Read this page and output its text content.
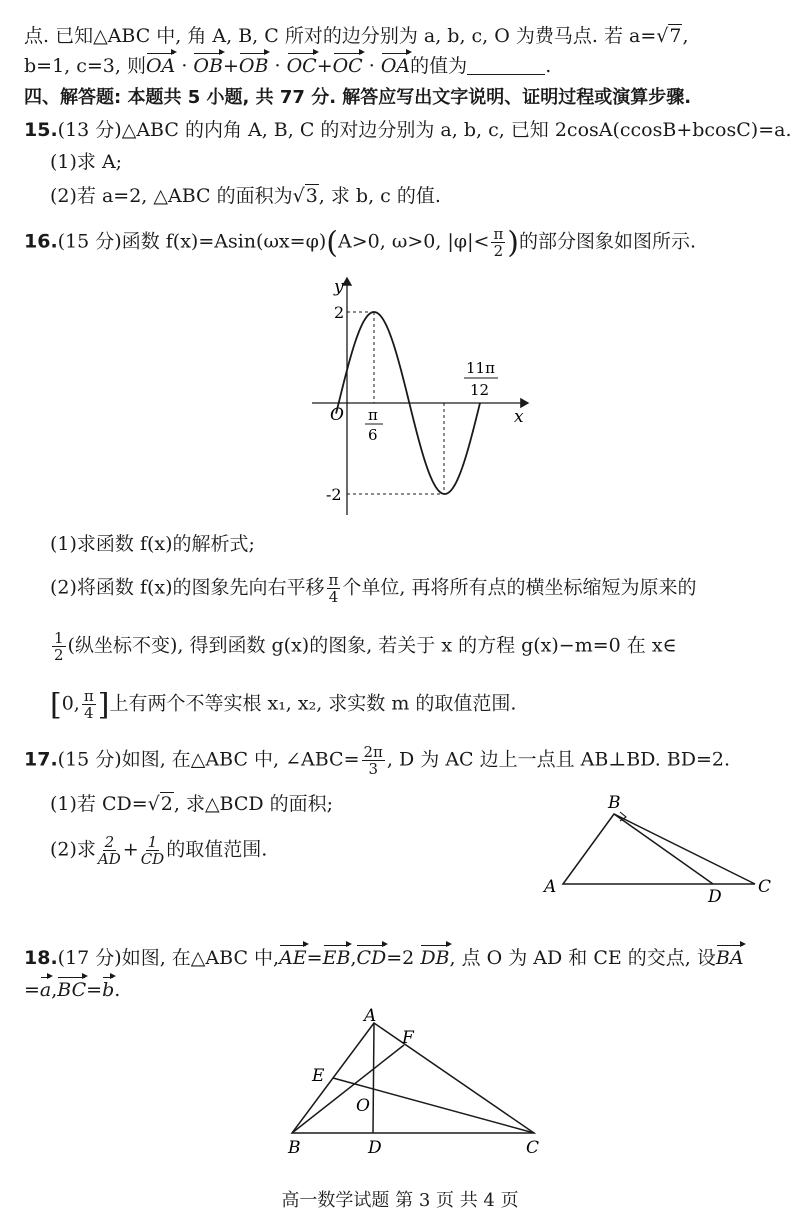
点. 已知△ABC 中, 角 A, B, C 所对的边分别为 a, b, c, O 为费马点. 若 a=√7,
b=1, c=3, 则OA · OB+OB · OC+OC · OA的值为	.
四、解答题: 本题共 5 小题, 共 77 分. 解答应写出文字说明、证明过程或演算步骤.
15.(13 分)△ABC 的内角 A, B, C 的对边分别为 a, b, c, 已知 2cosA(ccosB+bcosC)=a.
(1)求 A;
(2)若 a=2, △ABC 的面积为√3, 求 b, c 的值.
16.(15 分)函数 f(x)=Asin(ωx=φ)(A>0, ω>0, $|\varphi|< \frac{\pi}{2}$ )的部分图象如图所示.
y
x
O
2
-2
π
6
11π
12
(1)求函数 f(x)的解析式;
(2)将函数 f(x)的图象先向右平移 $\frac{\pi}{4}$ 个单位, 再将所有点的横坐标缩短为原来的
$\frac{1}{2}$ (纵坐标不变), 得到函数 g(x)的图象, 若关于 x 的方程 g(x)−m=0 在 x∈
[0, $\frac{\pi}{4}$ ]上有两个不等实根 x₁, x₂, 求实数 m 的取值范围.
17.(15 分)如图, 在△ABC 中, ∠ABC= $\frac{2\pi}{3}$ , D 为 AC 边上一点且 AB⊥BD. BD=2.
(1)若 CD=√2, 求△BCD 的面积;
(2)求 $\frac{2}{AD} + \frac{1}{CD}$ 的取值范围.
B
A	D C
18.(17 分)如图, 在△ABC 中,AE=EB,CD=2 DB, 点 O 为 AD 和 CE 的交点, 设BA
=a,BC=b.
A
F
E
O
B	D	C
高一数学试题 第 3 页 共 4 页
